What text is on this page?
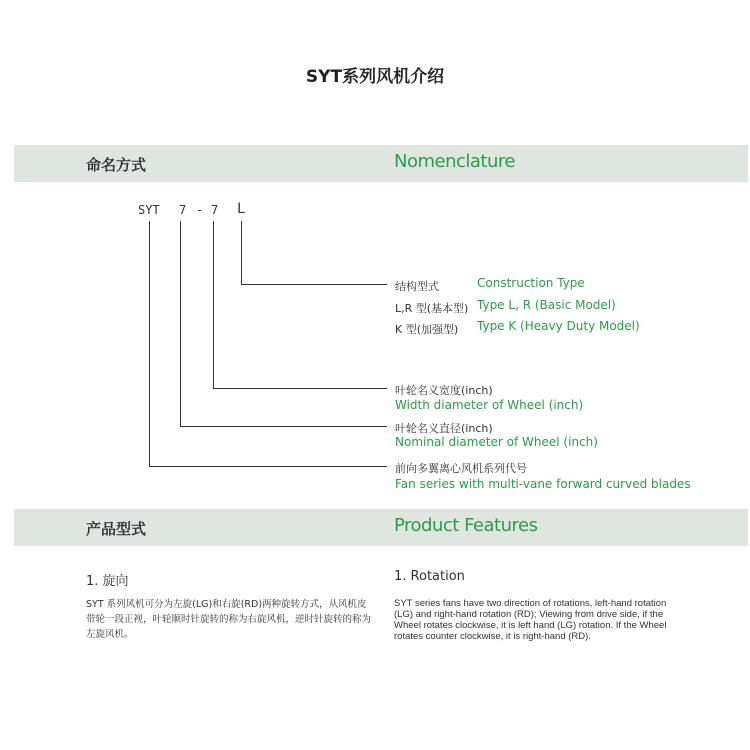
SYT系列风机介绍
命名方式	Nomenclature
SYT 7 - 7 L
结构型式	Construction Type
L,R 型(基本型) Type L, R (Basic Model)
K 型(加强型) Type K (Heavy Duty Model)
叶轮名义宽度(inch)
Width diameter of Wheel (inch)
叶轮名义直径(inch)
Nominal diameter of Wheel (inch)
前向多翼离心风机系列代号
Fan series with multi-vane forward curved blades
产品型式	Product Features
1. 旋向	1. Rotation
SYT 系列风机可分为左旋(LG)和右旋(RD)两种旋转方式，从风机皮带轮一段正视，叶轮顺时针旋转的称为右旋风机，逆时针旋转的称为左旋风机。
SYT series fans have two direction of rotations, left-hand rotation (LG) and right-hand rotation (RD); Viewing from drive side, if the Wheel rotates clockwise, it is left hand (LG) rotation. If the Wheel rotates counter clockwise, it is right-hand (RD).
